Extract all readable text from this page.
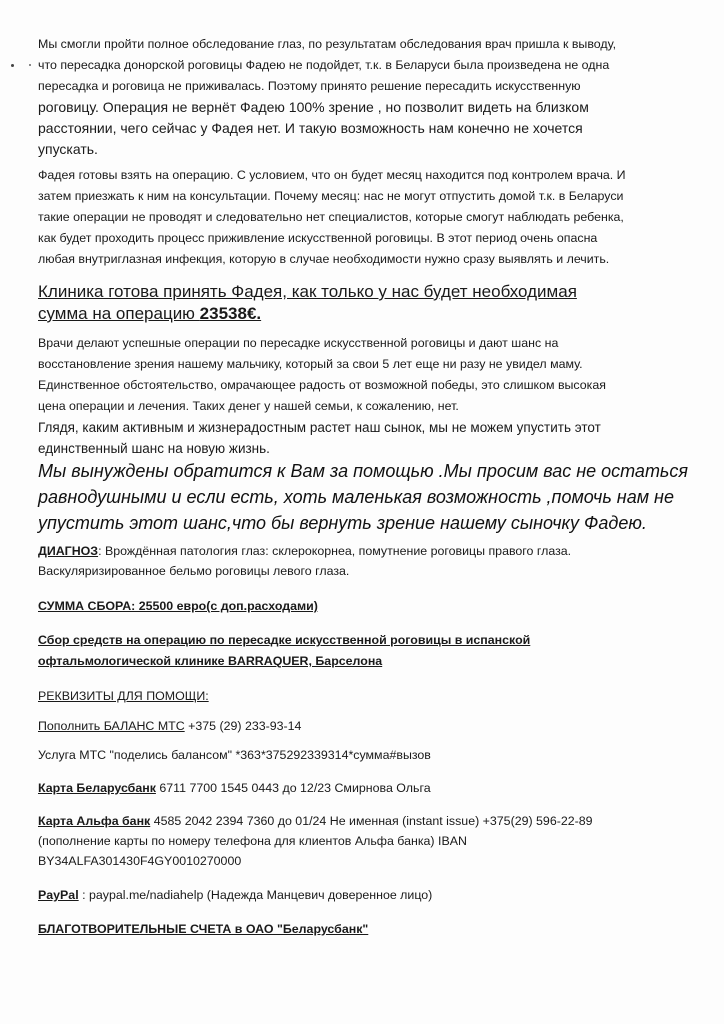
Мы смогли пройти полное обследование глаз, по результатам обследования врач пришла к выводу,
что пересадка донорской роговицы Фадею не подойдет, т.к. в Беларуси была произведена не одна
пересадка и роговица не приживалась. Поэтому принято решение пересадить искусственную
роговицу. Операция не вернёт Фадею 100% зрение , но позволит видеть на близком
расстоянии, чего сейчас у Фадея нет. И такую возможность нам конечно не хочется
упускать.
Фадея готовы взять на операцию. С условием, что он будет месяц находится под контролем врача. И
затем приезжать к ним на консультации. Почему месяц: нас не могут отпустить домой т.к. в Беларуси
такие операции не проводят и следовательно нет специалистов, которые смогут наблюдать ребенка,
как будет проходить процесс приживление искусственной роговицы. В этот период очень опасна
любая внутриглазная инфекция, которую в случае необходимости нужно сразу выявлять и лечить.
Клиника готова принять Фадея, как только у нас будет необходимая
сумма на операцию 23538€.
Врачи делают успешные операции по пересадке искусственной роговицы и дают шанс на
восстановление зрения нашему мальчику, который за свои 5 лет еще ни разу не увидел маму.
Единственное обстоятельство, омрачающее радость от возможной победы, это слишком высокая
цена операции и лечения. Таких денег у нашей семьи, к сожалению, нет.
Глядя, каким активным и жизнерадостным растет наш сынок, мы не можем упустить этот
единственный шанс на новую жизнь.
Мы вынуждены обратится к Вам за помощью .Мы просим вас не остаться
равнодушными и если есть, хоть маленькая возможность ,помочь нам не
упустить этот шанс,что бы вернуть зрение нашему сыночку Фадею.
ДИАГНОЗ: Врождённая патология глаз: склерокорнеа, помутнение роговицы правого глаза.
Васкуляризированное бельмо роговицы левого глаза.
СУММА СБОРА: 25500 евро(с доп.расходами)
Сбор средств на операцию по пересадке искусственной роговицы в испанской
офтальмологической клинике BARRAQUER, Барселона
РЕКВИЗИТЫ ДЛЯ ПОМОЩИ:
Пополнить БАЛАНС МТС +375 (29) 233-93-14
Услуга МТС "поделись балансом" *363*375292339314*сумма#вызов
Карта Беларусбанк 6711 7700 1545 0443 до 12/23 Смирнова Ольга
Карта Альфа банк 4585 2042 2394 7360 до 01/24 Не именная (instant issue) +375(29) 596-22-89
(пополнение карты по номеру телефона для клиентов Альфа банка) IBAN
BY34ALFA301430F4GY0010270000
PayPal : paypal.me/nadiahelp (Надежда Манцевич доверенное лицо)
БЛАГОТВОРИТЕЛЬНЫЕ СЧЕТА в ОАО "Беларусбанк"
